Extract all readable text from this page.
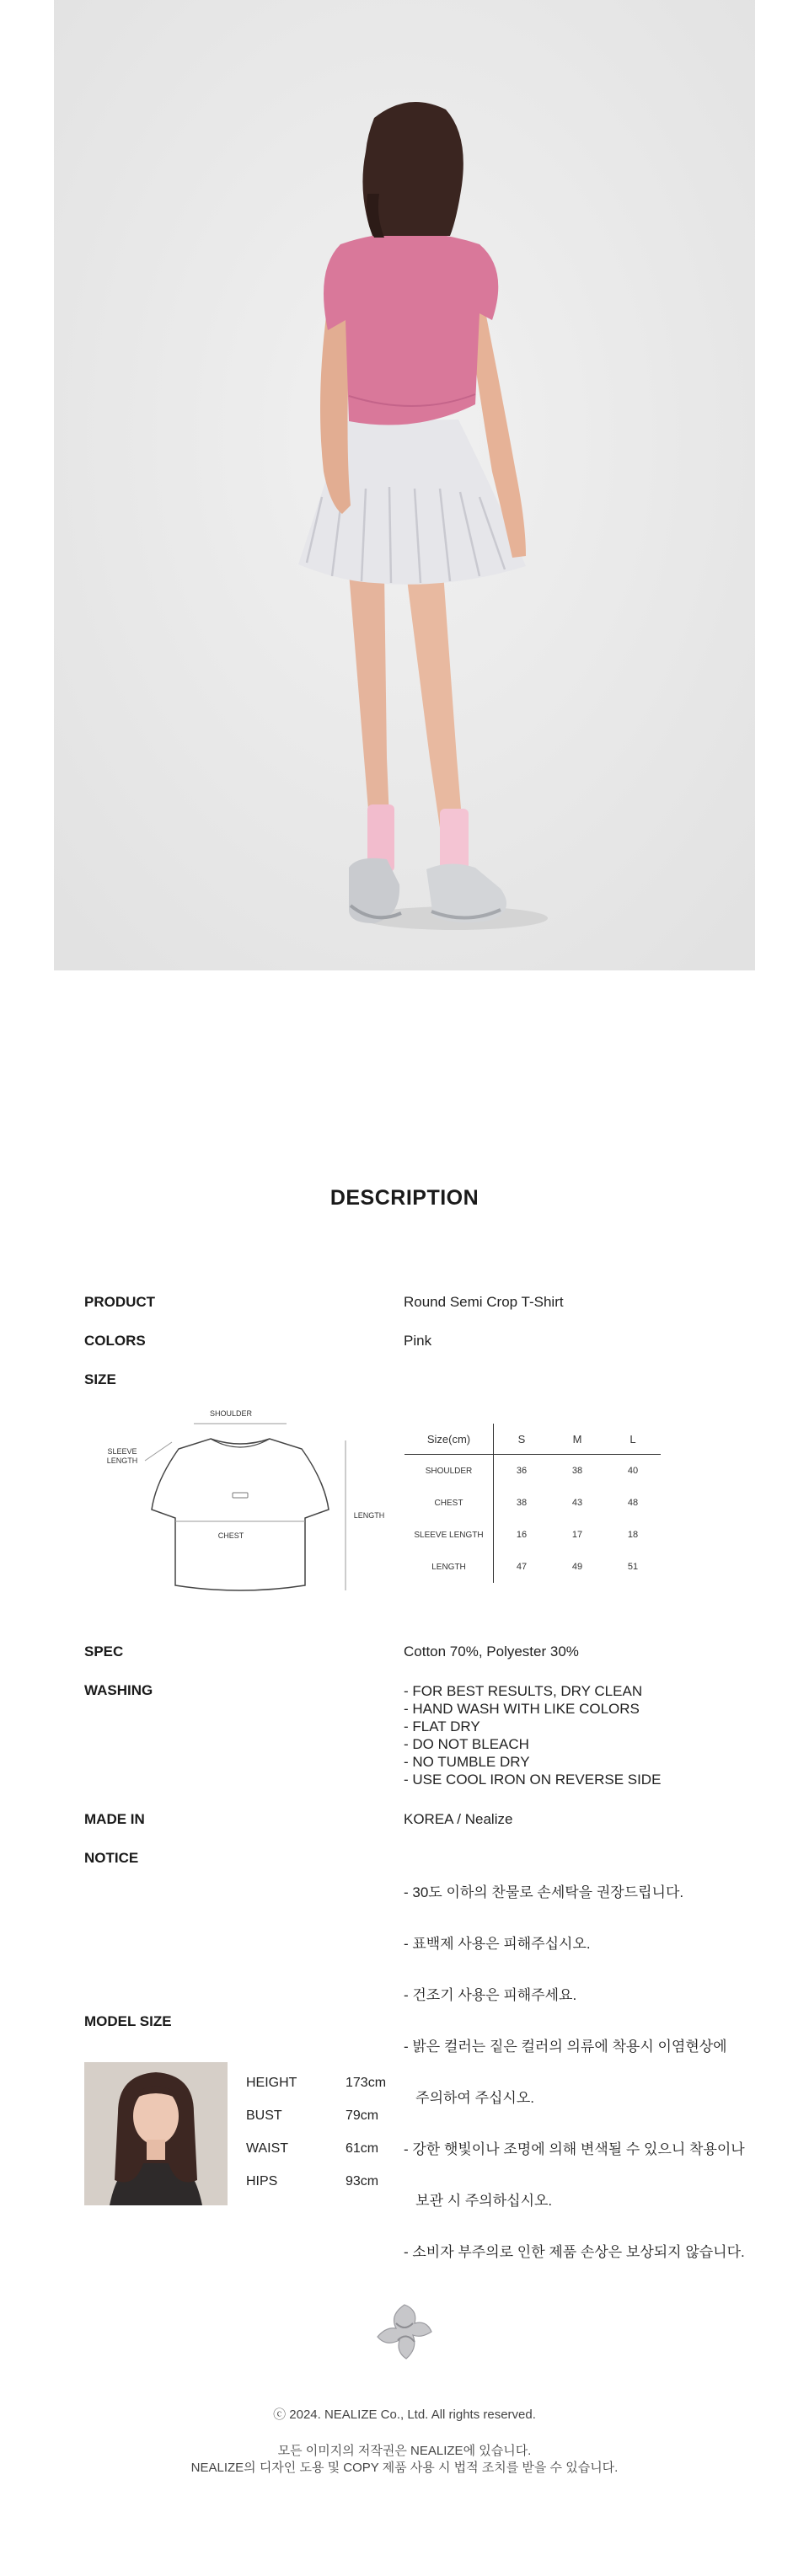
DESCRIPTION
PRODUCT	Round Semi Crop T-Shirt
COLORS	Pink
SIZE
SHOULDER
SLEEVE
LENGTH
CHEST
LENGTH
Size(cm)	S	M	L
SHOULDER	36	38	40
CHEST	38	43	48
SLEEVE LENGTH	16	17	18
LENGTH	47	49	51
SPEC	Cotton 70%, Polyester 30%
WASHING	- FOR BEST RESULTS, DRY CLEAN
- HAND WASH WITH LIKE COLORS
- FLAT DRY
- DO NOT BLEACH
- NO TUMBLE DRY
- USE COOL IRON ON REVERSE SIDE
MADE IN	KOREA / Nealize
NOTICE

- 30도 이하의 찬물로 손세탁을 권장드립니다.

- 표백제 사용은 피해주십시오.

- 건조기 사용은 피해주세요.

- 밝은 컬러는 짙은 컬러의 의류에 착용시 이염현상에

주의하여 주십시오.

- 강한 햇빛이나 조명에 의해 변색될 수 있으니 착용이나

보관 시 주의하십시오.

- 소비자 부주의로 인한 제품 손상은 보상되지 않습니다.

MODEL SIZE
HEIGHT	173cm
BUST	79cm
WAIST	61cm
HIPS	93cm
ⓒ 2024. NEALIZE Co., Ltd. All rights reserved.
모든 이미지의 저작권은 NEALIZE에 있습니다.
NEALIZE의 디자인 도용 및 COPY 제품 사용 시 법적 조치를 받을 수 있습니다.
